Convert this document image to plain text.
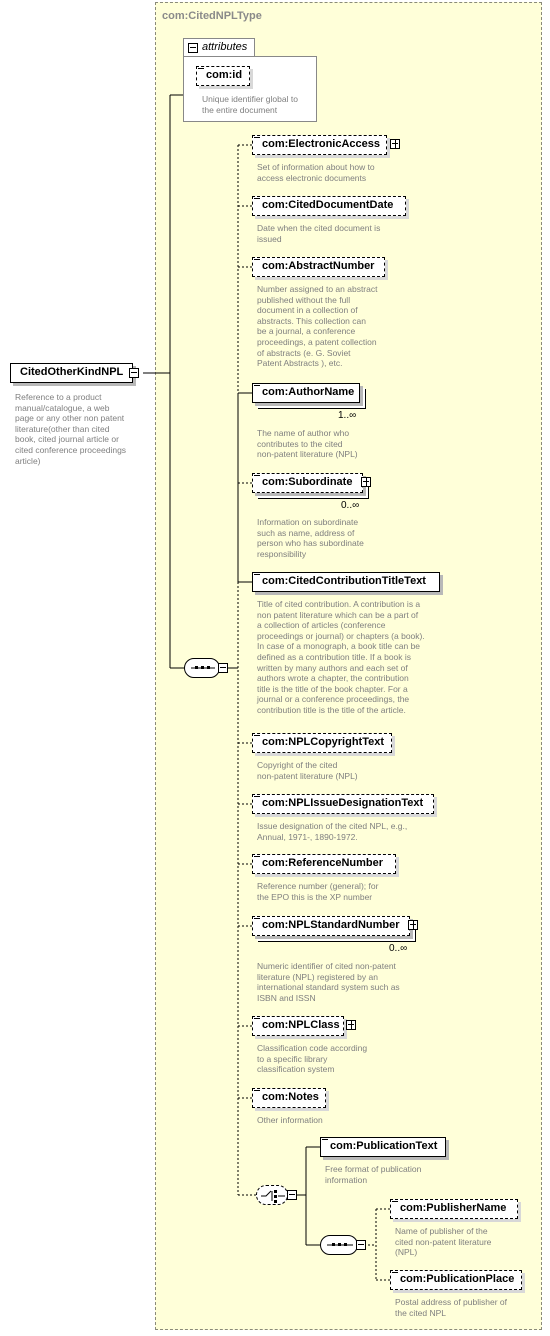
com:CitedNPLType
CitedOtherKindNPL
Reference to a product
manual/catalogue, a web
page or any other non patent
literature(other than cited
book, cited journal article or
cited conference proceedings
article)
attributes
com:id
Unique identifier global to
the entire document
com:ElectronicAccess
Set of information about how to
access electronic documents
com:CitedDocumentDate
Date when the cited document is
issued
com:AbstractNumber
Number assigned to an abstract
published without the full
document in a collection of
abstracts. This collection can
be a journal, a conference
proceedings, a patent collection
of abstracts (e. G. Soviet
Patent Abstracts ), etc.
com:AuthorName
1..∞
The name of author who
contributes to the cited
non-patent literature (NPL)
com:Subordinate
0..∞
Information on subordinate
such as name, address of
person who has subordinate
responsibility
com:CitedContributionTitleText
Title of cited contribution. A contribution is a
non patent literature which can be a part of
a collection of articles (conference
proceedings or journal) or chapters (a book).
In case of a monograph, a book title can be
defined as a contribution title. If a book is
written by many authors and each set of
authors wrote a chapter, the contribution
title is the title of the book chapter. For a
journal or a conference proceedings, the
contribution title is the title of the article.
com:NPLCopyrightText
Copyright of the cited
non-patent literature (NPL)
com:NPLIssueDesignationText
Issue designation of the cited NPL, e.g.,
Annual, 1971-, 1890-1972.
com:ReferenceNumber
Reference number (general); for
the EPO this is the XP number
com:NPLStandardNumber
0..∞
Numeric identifier of cited non-patent
literature (NPL) registered by an
international standard system such as
ISBN and ISSN
com:NPLClass
Classification code according
to a specific library
classification system
com:Notes
Other information
com:PublicationText
Free format of publication
information
com:PublisherName
Name of publisher of the
cited non-patent literature
(NPL)
com:PublicationPlace
Postal address of publisher of
the cited NPL
